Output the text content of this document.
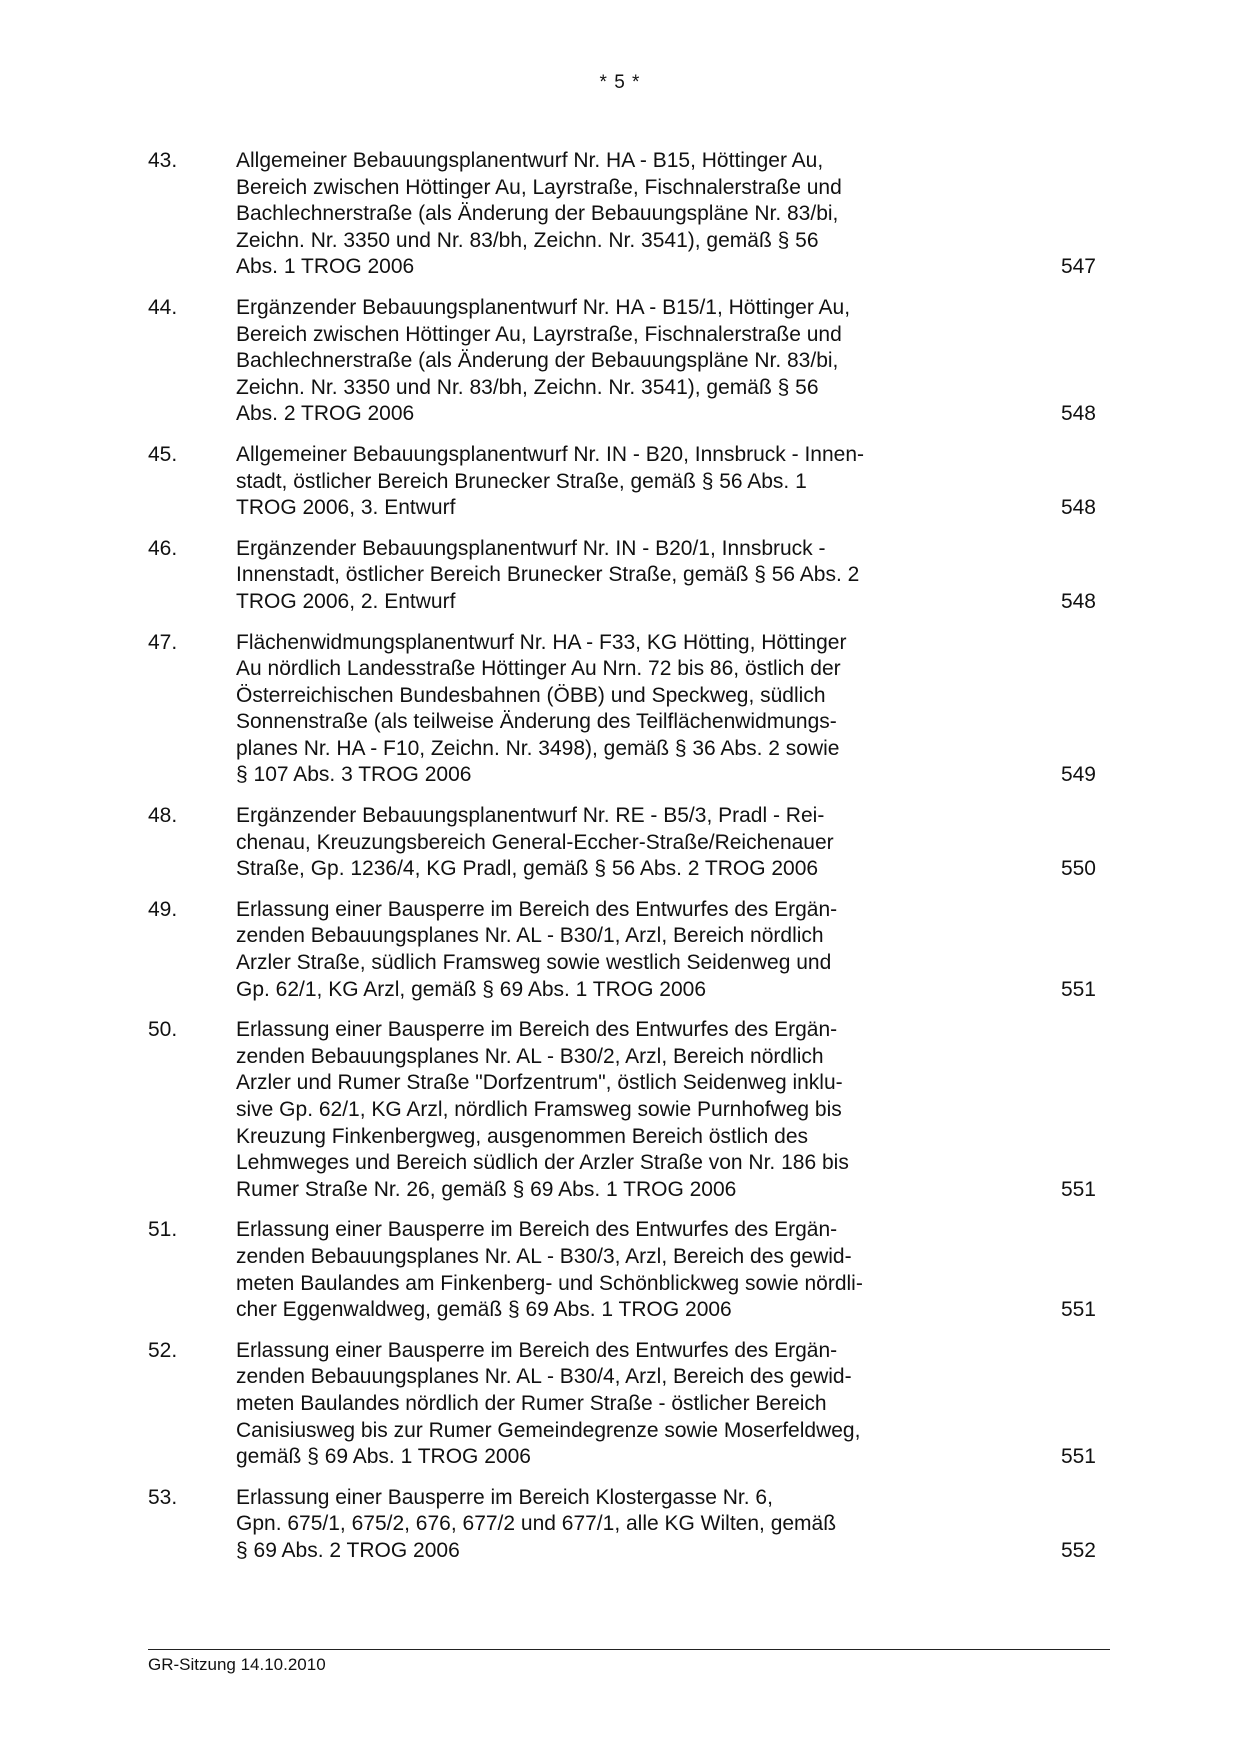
* 5 *
43.	Allgemeiner Bebauungsplanentwurf Nr. HA - B15, Höttinger Au,
Bereich zwischen Höttinger Au, Layrstraße, Fischnalerstraße und
Bachlechnerstraße (als Änderung der Bebauungspläne Nr. 83/bi,
Zeichn. Nr. 3350 und Nr. 83/bh, Zeichn. Nr. 3541), gemäß § 56
Abs. 1 TROG 2006	547
44.	Ergänzender Bebauungsplanentwurf Nr. HA - B15/1, Höttinger Au,
Bereich zwischen Höttinger Au, Layrstraße, Fischnalerstraße und
Bachlechnerstraße (als Änderung der Bebauungspläne Nr. 83/bi,
Zeichn. Nr. 3350 und Nr. 83/bh, Zeichn. Nr. 3541), gemäß § 56
Abs. 2 TROG 2006	548
45.	Allgemeiner Bebauungsplanentwurf Nr. IN - B20, Innsbruck - Innen-
stadt, östlicher Bereich Brunecker Straße, gemäß § 56 Abs. 1
TROG 2006, 3. Entwurf	548
46.	Ergänzender Bebauungsplanentwurf Nr. IN - B20/1, Innsbruck -
Innenstadt, östlicher Bereich Brunecker Straße, gemäß § 56 Abs. 2
TROG 2006, 2. Entwurf	548
47.	Flächenwidmungsplanentwurf Nr. HA - F33, KG Hötting, Höttinger
Au nördlich Landesstraße Höttinger Au Nrn. 72 bis 86, östlich der
Österreichischen Bundesbahnen (ÖBB) und Speckweg, südlich
Sonnenstraße (als teilweise Änderung des Teilflächenwidmungs-
planes Nr. HA - F10, Zeichn. Nr. 3498), gemäß § 36 Abs. 2 sowie
§ 107 Abs. 3 TROG 2006	549
48.	Ergänzender Bebauungsplanentwurf Nr. RE - B5/3, Pradl - Rei-
chenau, Kreuzungsbereich General-Eccher-Straße/Reichenauer
Straße, Gp. 1236/4, KG Pradl, gemäß § 56 Abs. 2 TROG 2006	550
49.	Erlassung einer Bausperre im Bereich des Entwurfes des Ergän-
zenden Bebauungsplanes Nr. AL - B30/1, Arzl, Bereich nördlich
Arzler Straße, südlich Framsweg sowie westlich Seidenweg und
Gp. 62/1, KG Arzl, gemäß § 69 Abs. 1 TROG 2006	551
50.	Erlassung einer Bausperre im Bereich des Entwurfes des Ergän-
zenden Bebauungsplanes Nr. AL - B30/2, Arzl, Bereich nördlich
Arzler und Rumer Straße "Dorfzentrum", östlich Seidenweg inklu-
sive Gp. 62/1, KG Arzl, nördlich Framsweg sowie Purnhofweg bis
Kreuzung Finkenbergweg, ausgenommen Bereich östlich des
Lehmweges und Bereich südlich der Arzler Straße von Nr. 186 bis
Rumer Straße Nr. 26, gemäß § 69 Abs. 1 TROG 2006	551
51.	Erlassung einer Bausperre im Bereich des Entwurfes des Ergän-
zenden Bebauungsplanes Nr. AL - B30/3, Arzl, Bereich des gewid-
meten Baulandes am Finkenberg- und Schönblickweg sowie nördli-
cher Eggenwaldweg, gemäß § 69 Abs. 1 TROG 2006	551
52.	Erlassung einer Bausperre im Bereich des Entwurfes des Ergän-
zenden Bebauungsplanes Nr. AL - B30/4, Arzl, Bereich des gewid-
meten Baulandes nördlich der Rumer Straße - östlicher Bereich
Canisiusweg bis zur Rumer Gemeindegrenze sowie Moserfeldweg,
gemäß § 69 Abs. 1 TROG 2006	551
53.	Erlassung einer Bausperre im Bereich Klostergasse Nr. 6,
Gpn. 675/1, 675/2, 676, 677/2 und 677/1, alle KG Wilten, gemäß
§ 69 Abs. 2 TROG 2006	552
GR-Sitzung 14.10.2010
